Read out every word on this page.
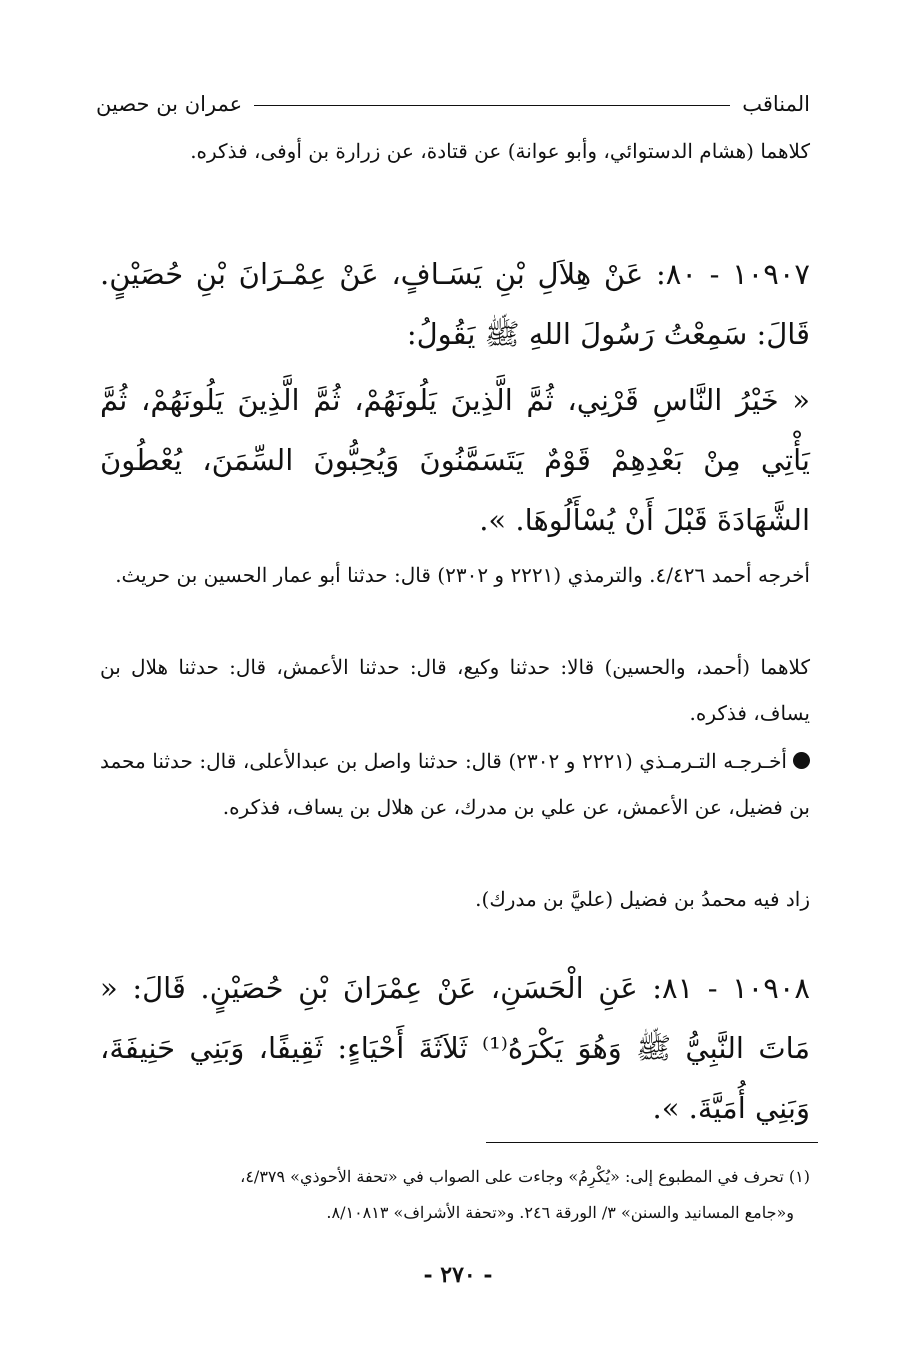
المناقب
عمران بن حصين
كلاهما (هشام الدستوائي، وأبو عوانة) عن قتادة، عن زرارة بن أوفى، فذكره.
١٠٩٠٧ - ٨٠: عَنْ هِلاَلِ بْنِ يَسَـافٍ، عَنْ عِمْـرَانَ بْنِ حُصَيْنٍ. قَالَ: سَمِعْتُ رَسُولَ اللهِ ﷺ يَقُولُ:
« خَيْرُ النَّاسِ قَرْنِي، ثُمَّ الَّذِينَ يَلُونَهُمْ، ثُمَّ الَّذِينَ يَلُونَهُمْ، ثُمَّ يَأْتِي مِنْ بَعْدِهِمْ قَوْمٌ يَتَسَمَّنُونَ وَيُحِبُّونَ السِّمَنَ، يُعْطُونَ الشَّهَادَةَ قَبْلَ أَنْ يُسْأَلُوهَا. ».
أخرجه أحمد ٤/٤٢٦. والترمذي (٢٢٢١ و ٢٣٠٢) قال: حدثنا أبو عمار الحسين بن حريث.
كلاهما (أحمد، والحسين) قالا: حدثنا وكيع، قال: حدثنا الأعمش، قال: حدثنا هلال بن يساف، فذكره.
أخـرجـه التـرمـذي (٢٢٢١ و ٢٣٠٢) قال: حدثنا واصل بن عبدالأعلى، قال: حدثنا محمد بن فضيل، عن الأعمش، عن علي بن مدرك، عن هلال بن يساف، فذكره.
زاد فيه محمدُ بن فضيل (عليَّ بن مدرك).
١٠٩٠٨ - ٨١: عَنِ الْحَسَنِ، عَنْ عِمْرَانَ بْنِ حُصَيْنٍ. قَالَ: « مَاتَ النَّبِيُّ ﷺ وَهُوَ يَكْرَهُ⁽¹⁾ ثَلاَثَةَ أَحْيَاءٍ: ثَقِيفًا، وَبَنِي حَنِيفَةَ، وَبَنِي أُمَيَّةَ. ».
(١) تحرف في المطبوع إلى: «يُكْرِمُ» وجاءت على الصواب في «تحفة الأحوذي» ٤/٣٧٩،
و«جامع المسانيد والسنن» ٣/ الورقة ٢٤٦. و«تحفة الأشراف» ٨/١٠٨١٣.
- ٢٧٠ -
